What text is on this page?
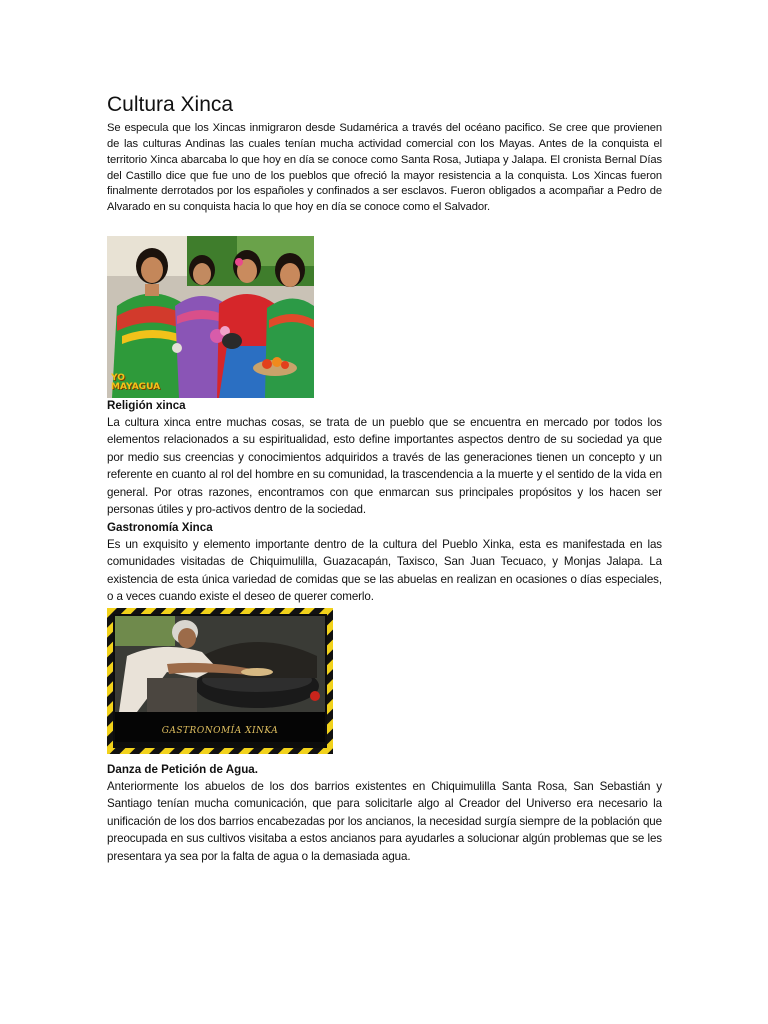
Cultura Xinca

Se especula que los Xincas inmigraron desde Sudamérica a través del océano pacifico. Se cree que provienen de las culturas Andinas las cuales tenían mucha actividad comercial con los Mayas. Antes de la conquista el territorio Xinca abarcaba lo que hoy en día se conoce como Santa Rosa, Jutiapa y Jalapa. El cronista Bernal Días del Castillo dice que fue uno de los pueblos que ofreció la mayor resistencia a la conquista. Los Xincas fueron finalmente derrotados por los españoles y confinados a ser esclavos. Fueron obligados a acompañar a Pedro de Alvarado en su conquista hacia lo que hoy en día se conoce como el Salvador.

YO
MAYAGUA
Religión xinca

La cultura xinca entre muchas cosas, se trata de un pueblo que se encuentra en mercado por todos los elementos relacionados a su espiritualidad, esto define importantes aspectos dentro de su sociedad ya que por medio sus creencias y conocimientos adquiridos a través de las generaciones tienen un concepto y un referente en cuanto al rol del hombre en su comunidad, la trascendencia a la muerte y el sentido de la vida en general. Por otras razones, encontramos con que enmarcan sus principales propósitos y los hacen ser personas útiles y pro-activos dentro de la sociedad.

Gastronomía Xinca

Es un exquisito y elemento importante dentro de la cultura del Pueblo Xinka, esta es manifestada en las comunidades visitadas de Chiquimulilla, Guazacapán, Taxisco, San Juan Tecuaco, y Monjas Jalapa. La existencia de esta única variedad de comidas que se las abuelas en realizan en ocasiones o días especiales, o a veces cuando existe el deseo de querer comerlo.

GASTRONOMÍA XINKA
Danza de Petición de Agua.

Anteriormente los abuelos de los dos barrios existentes en Chiquimulilla Santa Rosa, San Sebastián y Santiago tenían mucha comunicación, que para solicitarle algo al Creador del Universo era necesario la unificación de los dos barrios encabezadas por los ancianos, la necesidad surgía siempre de la población que preocupada en sus cultivos visitaba a estos ancianos para ayudarles a solucionar algún problemas que se les presentara ya sea por la falta de agua o la demasiada agua.
